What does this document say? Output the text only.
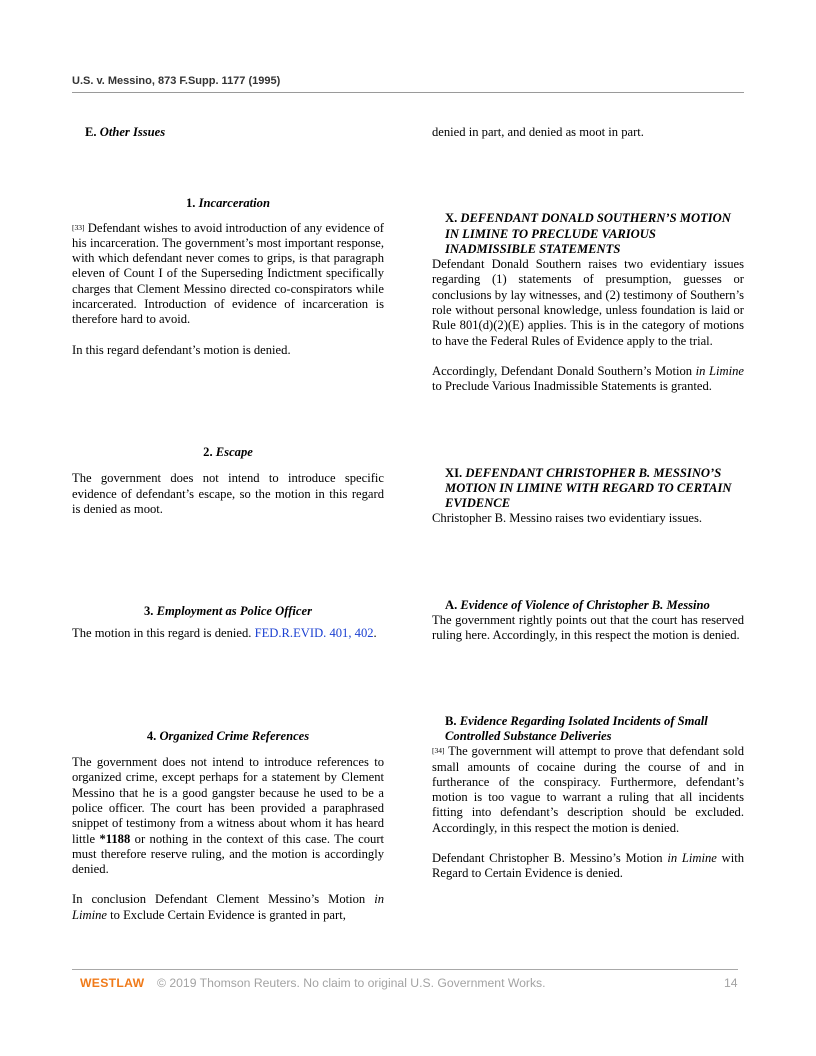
U.S. v. Messino, 873 F.Supp. 1177 (1995)
E. Other Issues
1. Incarceration

[33] Defendant wishes to avoid introduction of any evidence of his incarceration. The government’s most important response, with which defendant never comes to grips, is that paragraph eleven of Count I of the Superseding Indictment specifically charges that Clement Messino directed co-conspirators while incarcerated. Introduction of evidence of incarceration is therefore hard to avoid.

In this regard defendant’s motion is denied.

2. Escape

The government does not intend to introduce specific evidence of defendant’s escape, so the motion in this regard is denied as moot.

3. Employment as Police Officer

The motion in this regard is denied. FED.R.EVID. 401, 402.

4. Organized Crime References

The government does not intend to introduce references to organized crime, except perhaps for a statement by Clement Messino that he is a good gangster because he used to be a police officer. The court has been provided a paraphrased snippet of testimony from a witness about whom it has heard little *1188 or nothing in the context of this case. The court must therefore reserve ruling, and the motion is accordingly denied.

In conclusion Defendant Clement Messino’s Motion in Limine to Exclude Certain Evidence is granted in part,

denied in part, and denied as moot in part.

X. DEFENDANT DONALD SOUTHERN’S MOTION IN LIMINE TO PRECLUDE VARIOUS INADMISSIBLE STATEMENTS

Defendant Donald Southern raises two evidentiary issues regarding (1) statements of presumption, guesses or conclusions by lay witnesses, and (2) testimony of Southern’s role without personal knowledge, unless foundation is laid or Rule 801(d)(2)(E) applies. This is in the category of motions to have the Federal Rules of Evidence apply to the trial.

Accordingly, Defendant Donald Southern’s Motion in Limine to Preclude Various Inadmissible Statements is granted.

XI. DEFENDANT CHRISTOPHER B. MESSINO’S MOTION IN LIMINE WITH REGARD TO CERTAIN EVIDENCE

Christopher B. Messino raises two evidentiary issues.

A. Evidence of Violence of Christopher B. Messino

The government rightly points out that the court has reserved ruling here. Accordingly, in this respect the motion is denied.

B. Evidence Regarding Isolated Incidents of Small Controlled Substance Deliveries

[34] The government will attempt to prove that defendant sold small amounts of cocaine during the course of and in furtherance of the conspiracy. Furthermore, defendant’s motion is too vague to warrant a ruling that all incidents fitting into defendant’s description should be excluded. Accordingly, in this respect the motion is denied.

Defendant Christopher B. Messino’s Motion in Limine with Regard to Certain Evidence is denied.

WESTLAW © 2019 Thomson Reuters. No claim to original U.S. Government Works.	14
